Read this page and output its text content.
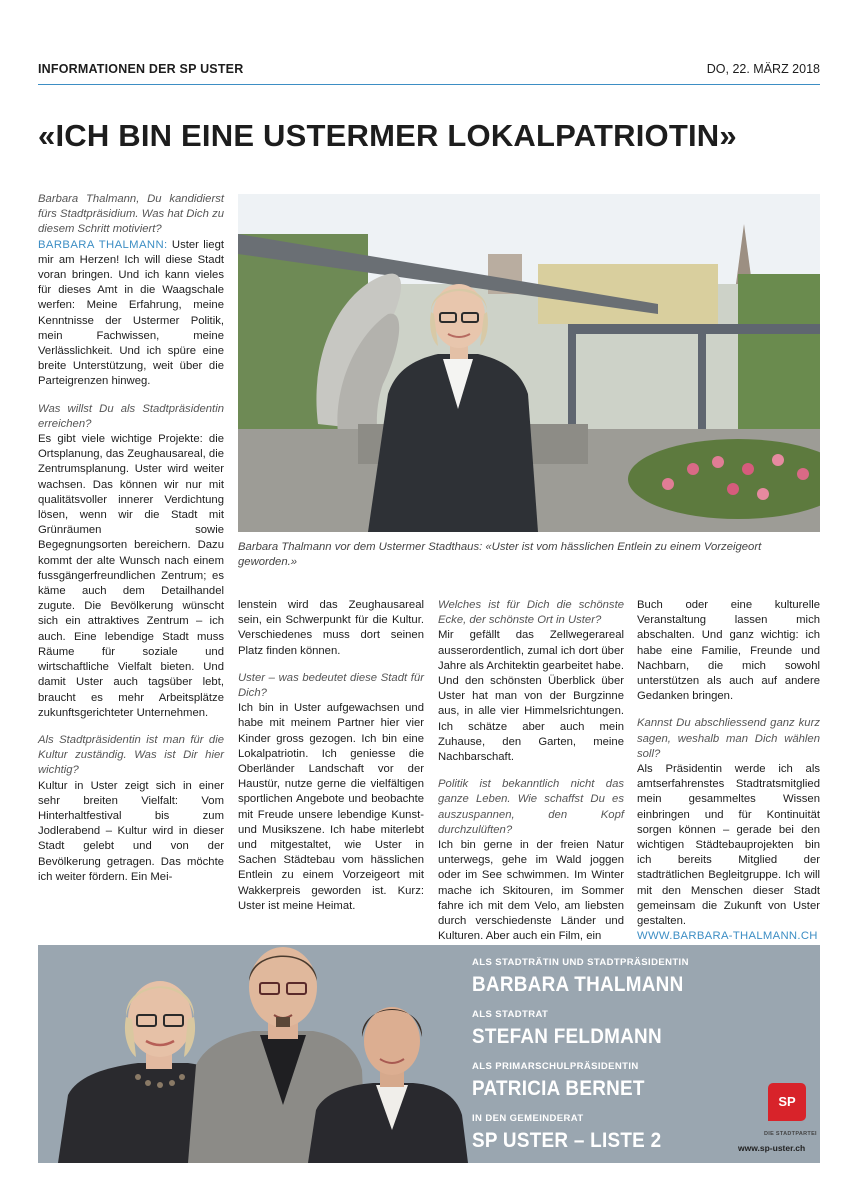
INFORMATIONEN DER SP USTER	DO, 22. MÄRZ 2018
«ICH BIN EINE USTERMER LOKALPATRIOTIN»

Barbara Thalmann, Du kandidierst fürs Stadtpräsidium. Was hat Dich zu diesem Schritt motiviert?

BARBARA THALMANN: Uster liegt mir am Herzen! Ich will diese Stadt voran bringen. Und ich kann vieles für dieses Amt in die Waagschale werfen: Meine Erfahrung, meine Kenntnisse der Ustermer Politik, mein Fachwissen, meine Verlässlichkeit. Und ich spüre eine breite Unterstützung, weit über die Parteigrenzen hinweg.

Was willst Du als Stadtpräsidentin erreichen?

Es gibt viele wichtige Projekte: die Ortsplanung, das Zeughausareal, die Zentrumsplanung. Uster wird weiter wachsen. Das können wir nur mit qualitätsvoller innerer Verdichtung lösen, wenn wir die Stadt mit Grünräumen sowie Begegnungsorten bereichern. Dazu kommt der alte Wunsch nach einem fussgängerfreundlichen Zentrum; es käme auch dem Detailhandel zugute. Die Bevölkerung wünscht sich ein attraktives Zentrum – ich auch. Eine lebendige Stadt muss Räume für soziale und wirtschaftliche Vielfalt bieten. Und damit Uster auch tagsüber lebt, braucht es mehr Arbeitsplätze zukunftsgerichteter Unternehmen.

Als Stadtpräsidentin ist man für die Kultur zuständig. Was ist Dir hier wichtig?

Kultur in Uster zeigt sich in einer sehr breiten Vielfalt: Vom Hinterhaltfestival bis zum Jodlerabend – Kultur wird in dieser Stadt gelebt und von der Bevölkerung getragen. Das möchte ich weiter fördern. Ein Mei-

Barbara Thalmann vor dem Ustermer Stadthaus: «Uster ist vom hässlichen Entlein zu einem Vorzeigeort geworden.»

lenstein wird das Zeughausareal sein, ein Schwerpunkt für die Kultur. Verschiedenes muss dort seinen Platz finden können.

Uster – was bedeutet diese Stadt für Dich?

Ich bin in Uster aufgewachsen und habe mit meinem Partner hier vier Kinder gross gezogen. Ich bin eine Lokalpatriotin. Ich geniesse die Oberländer Landschaft vor der Haustür, nutze gerne die vielfältigen sportlichen Angebote und beobachte mit Freude unsere lebendige Kunst- und Musikszene. Ich habe miterlebt und mitgestaltet, wie Uster in Sachen Städtebau vom hässlichen Entlein zu einem Vorzeigeort mit Wakkerpreis geworden ist. Kurz: Uster ist meine Heimat.

Welches ist für Dich die schönste Ecke, der schönste Ort in Uster?

Mir gefällt das Zellwegerareal ausserordentlich, zumal ich dort über Jahre als Architektin gearbeitet habe. Und den schönsten Überblick über Uster hat man von der Burgzinne aus, in alle vier Himmelsrichtungen. Ich schätze aber auch mein Zuhause, den Garten, meine Nachbarschaft.

Politik ist bekanntlich nicht das ganze Leben. Wie schaffst Du es auszuspannen, den Kopf durchzulüften?

Ich bin gerne in der freien Natur unterwegs, gehe im Wald joggen oder im See schwimmen. Im Winter mache ich Skitouren, im Sommer fahre ich mit dem Velo, am liebsten durch verschiedenste Länder und Kulturen. Aber auch ein Film, ein

Buch oder eine kulturelle Veranstaltung lassen mich abschalten. Und ganz wichtig: ich habe eine Familie, Freunde und Nachbarn, die mich sowohl unterstützen als auch auf andere Gedanken bringen.

Kannst Du abschliessend ganz kurz sagen, weshalb man Dich wählen soll?

Als Präsidentin werde ich als amtserfahrenstes Stadtratsmitglied mein gesammeltes Wissen einbringen und für Kontinuität sorgen können – gerade bei den wichtigen Städtebauprojekten bin ich bereits Mitglied der stadträtlichen Begleitgruppe. Ich will mit den Menschen dieser Stadt gemeinsam die Zukunft von Uster gestalten.

WWW.BARBARA-THALMANN.CH

ALS STADTRÄTIN UND STADTPRÄSIDENTIN
BARBARA THALMANN
ALS STADTRAT
STEFAN FELDMANN
ALS PRIMARSCHULPRÄSIDENTIN
PATRICIA BERNET
IN DEN GEMEINDERAT
SP USTER – LISTE 2
SP
DIE STADTPARTEI
www.sp-uster.ch
